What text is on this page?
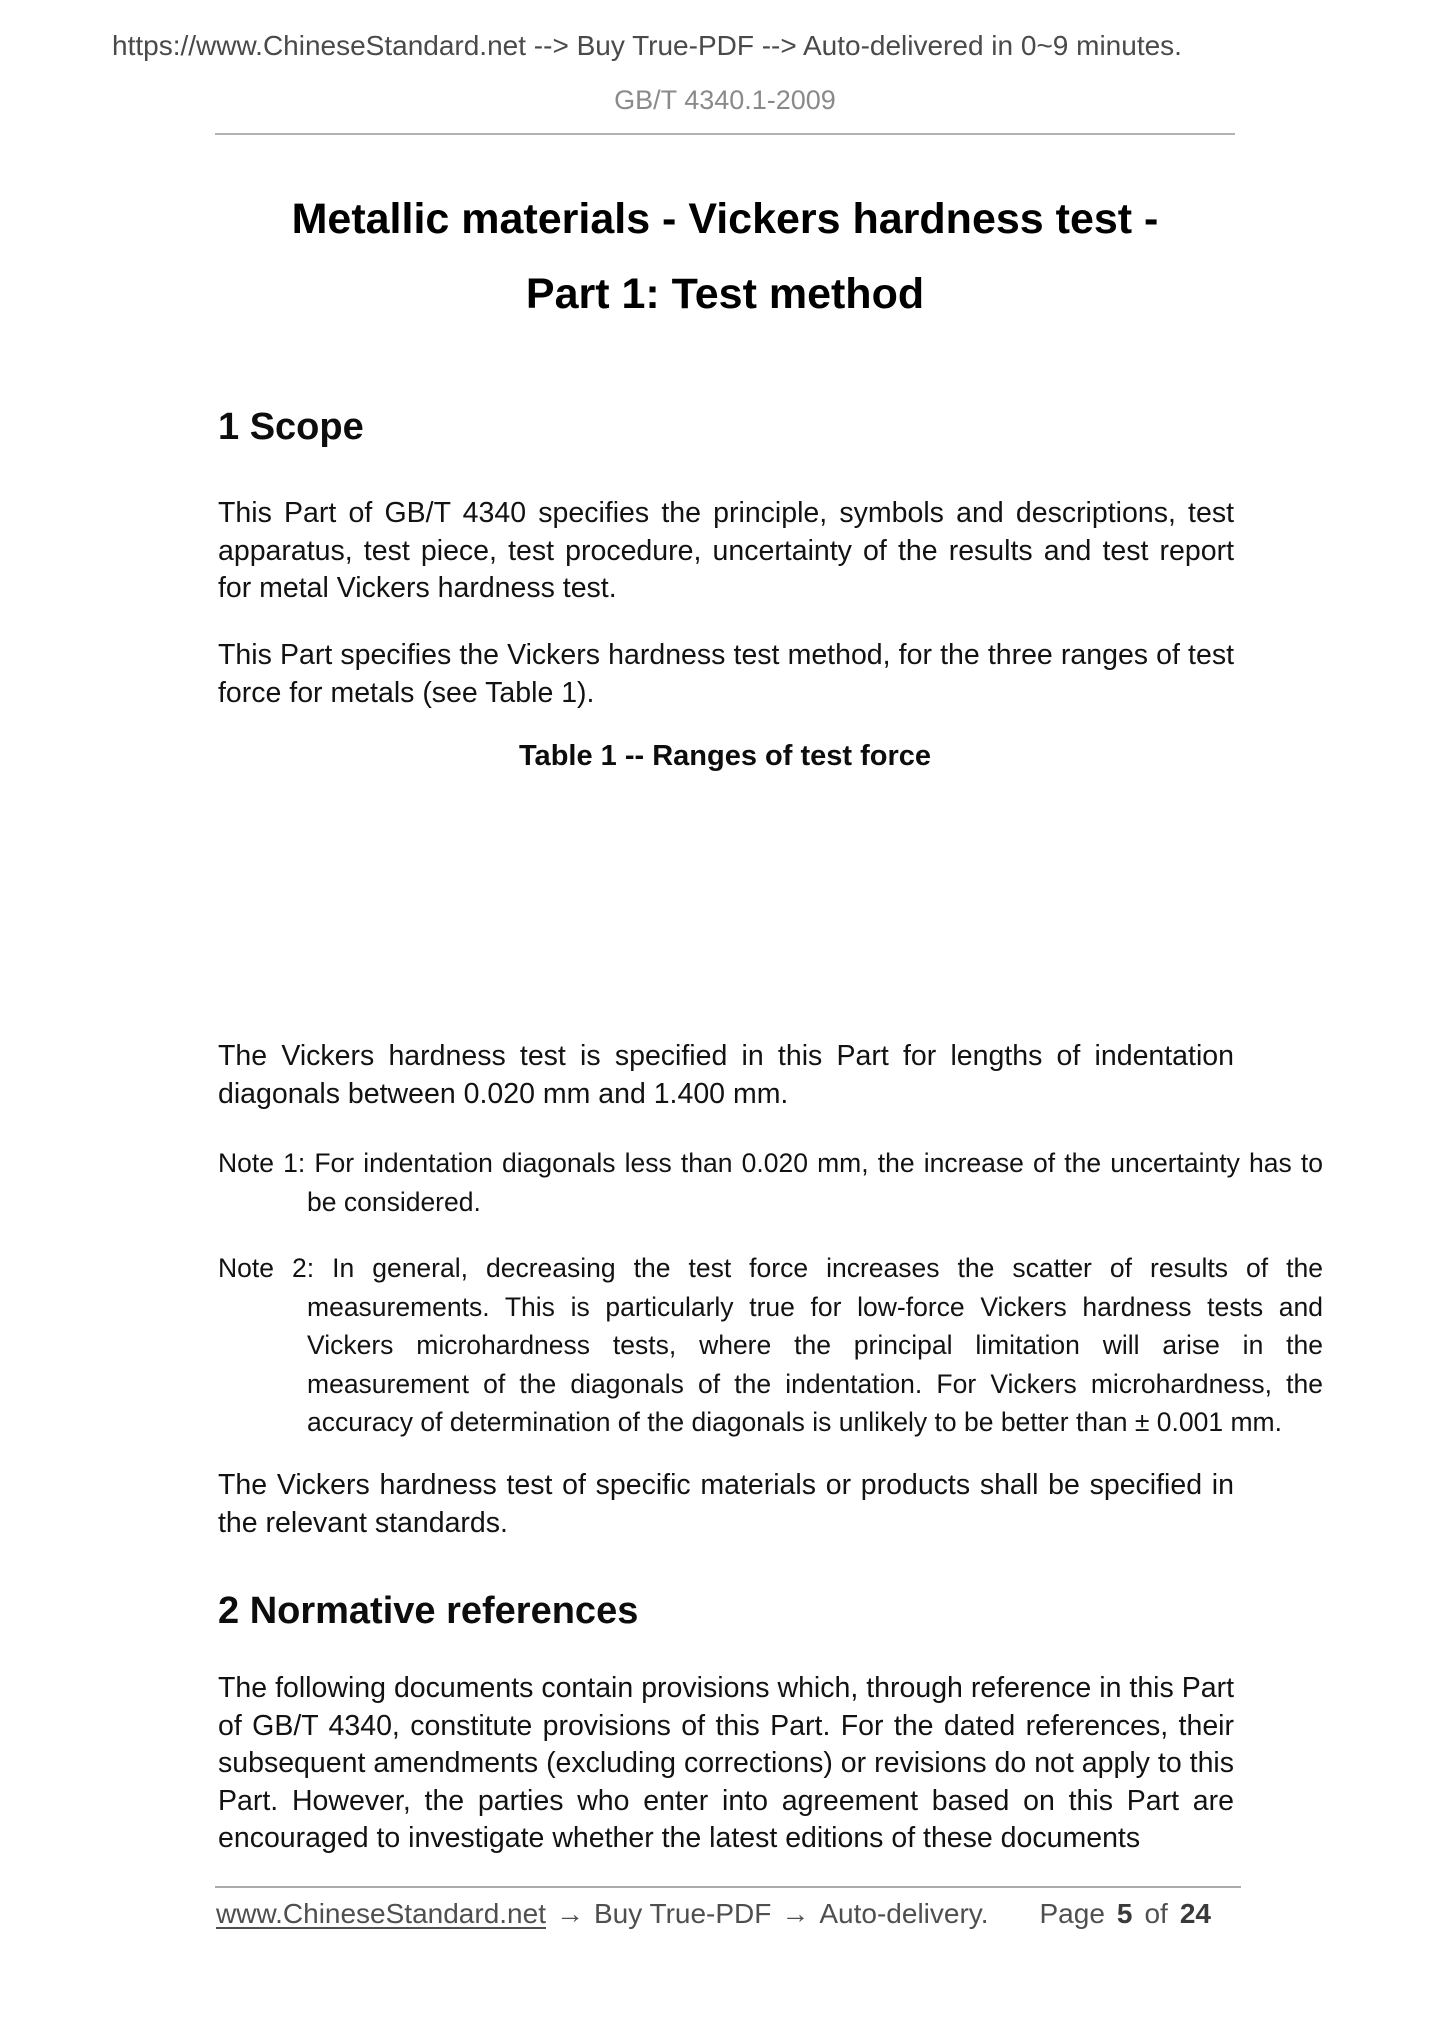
https://www.ChineseStandard.net --> Buy True-PDF --> Auto-delivered in 0~9 minutes.
GB/T 4340.1-2009
Metallic materials - Vickers hardness test -
Part 1: Test method
1 Scope

This Part of GB/T 4340 specifies the principle, symbols and descriptions, test apparatus, test piece, test procedure, uncertainty of the results and test report for metal Vickers hardness test.

This Part specifies the Vickers hardness test method, for the three ranges of test force for metals (see Table 1).

Table 1 -- Ranges of test force

The Vickers hardness test is specified in this Part for lengths of indentation diagonals between 0.020 mm and 1.400 mm.

Note 1: For indentation diagonals less than 0.020 mm, the increase of the uncertainty has to be considered.

Note 2: In general, decreasing the test force increases the scatter of results of the measurements. This is particularly true for low-force Vickers hardness tests and Vickers microhardness tests, where the principal limitation will arise in the measurement of the diagonals of the indentation. For Vickers microhardness, the accuracy of determination of the diagonals is unlikely to be better than ± 0.001 mm.

The Vickers hardness test of specific materials or products shall be specified in the relevant standards.

2 Normative references

The following documents contain provisions which, through reference in this Part of GB/T 4340, constitute provisions of this Part. For the dated references, their subsequent amendments (excluding corrections) or revisions do not apply to this Part. However, the parties who enter into agreement based on this Part are encouraged to investigate whether the latest editions of these documents

www.ChineseStandard.net → Buy True-PDF → Auto-delivery. Page 5 of 24
